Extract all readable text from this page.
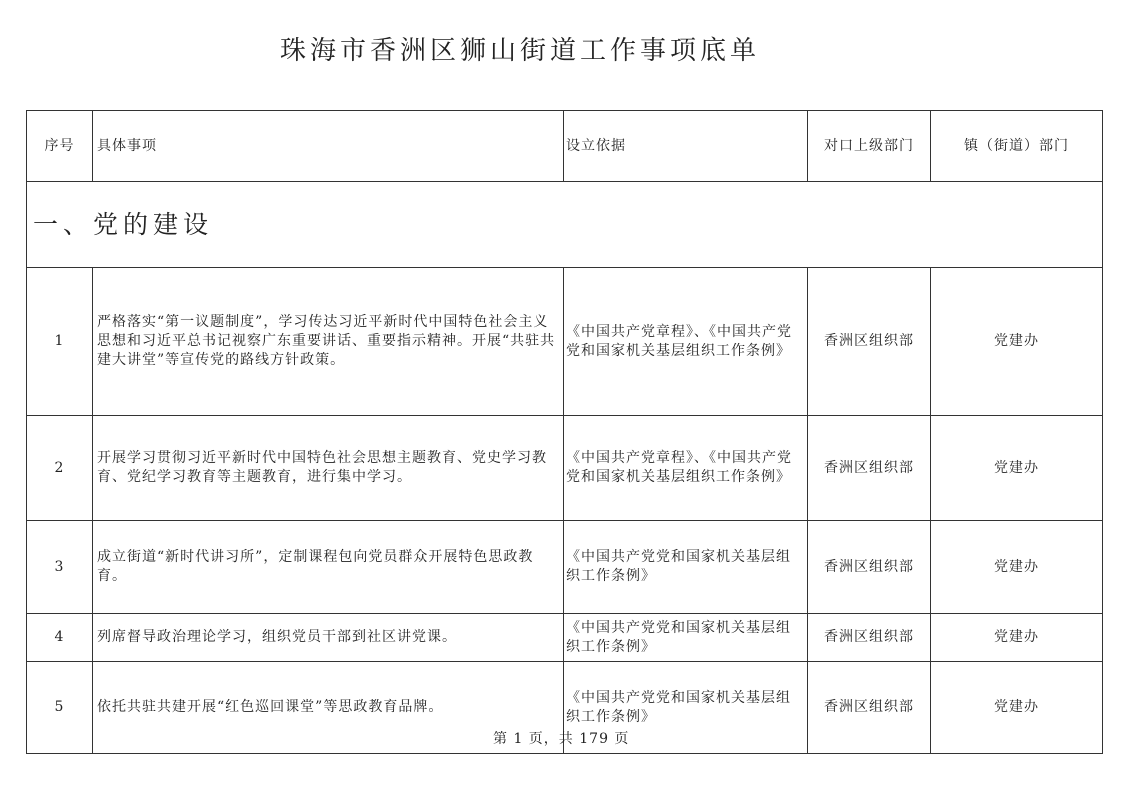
珠海市香洲区狮山街道工作事项底单
序号	具体事项	设立依据	对口上级部门	镇（街道）部门
一、党的建设				
1	严格落实“第一议题制度”，学习传达习近平新时代中国特色社会主义思想和习近平总书记视察广东重要讲话、重要指示精神。开展“共驻共建大讲堂”等宣传党的路线方针政策。	《中国共产党章程》、《中国共产党党和国家机关基层组织工作条例》	香洲区组织部	党建办
2	开展学习贯彻习近平新时代中国特色社会思想主题教育、党史学习教育、党纪学习教育等主题教育，进行集中学习。	《中国共产党章程》、《中国共产党党和国家机关基层组织工作条例》	香洲区组织部	党建办
3	成立街道“新时代讲习所”，定制课程包向党员群众开展特色思政教育。	《中国共产党党和国家机关基层组织工作条例》	香洲区组织部	党建办
4	列席督导政治理论学习，组织党员干部到社区讲党课。	《中国共产党党和国家机关基层组织工作条例》	香洲区组织部	党建办
5	依托共驻共建开展“红色巡回课堂”等思政教育品牌。	《中国共产党党和国家机关基层组织工作条例》	香洲区组织部	党建办
第 1 页，共 179 页
